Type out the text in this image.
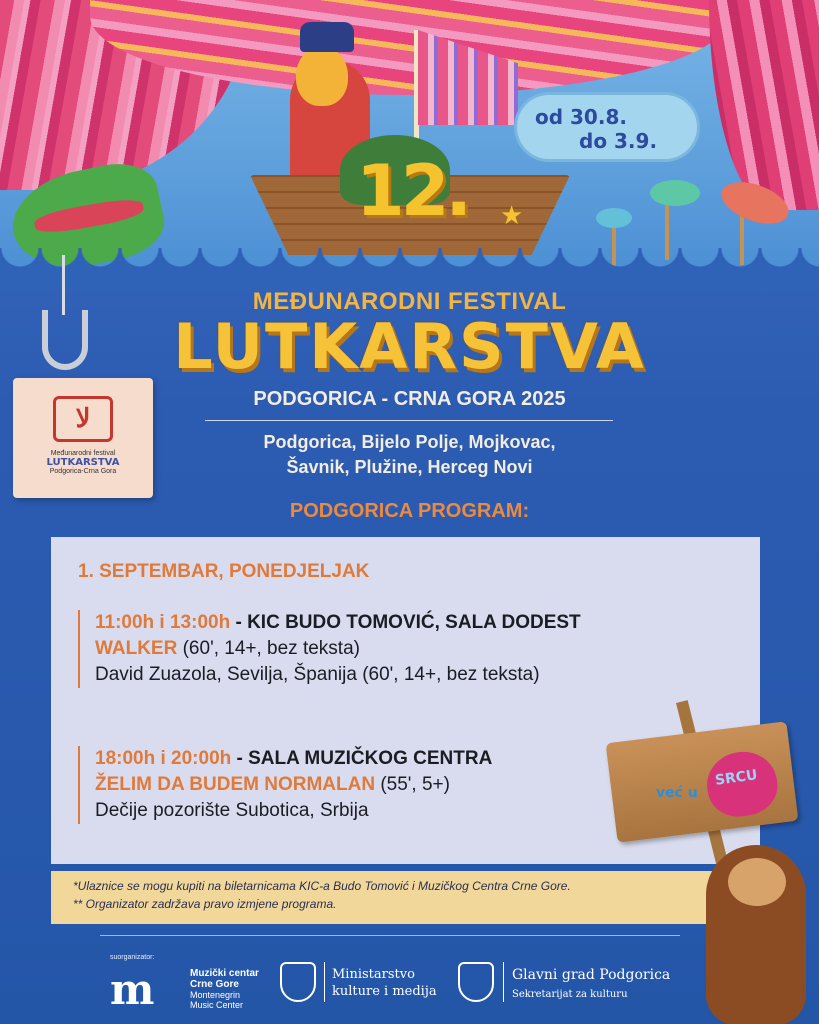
12. ★
od 30.8.
do 3.9.
ﻻ
Međunarodni festival
LUTKARSTVA
Podgorica-Crna Gora
MEĐUNARODNI FESTIVAL
LUTKARSTVA
PODGORICA - CRNA GORA 2025
Podgorica, Bijelo Polje, Mojkovac,
Šavnik, Plužine, Herceg Novi
PODGORICA PROGRAM:
1. SEPTEMBAR, PONEDJELJAK
11:00h i 13:00h - KIC BUDO TOMOVIĆ, SALA DODEST
WALKER (60', 14+, bez teksta)
David Zuazola, Sevilja, Španija (60', 14+, bez teksta)
18:00h i 20:00h - SALA MUZIČKOG CENTRA
ŽELIM DA BUDEM NORMALAN (55', 5+)
Dečije pozorište Subotica, Srbija
*Ulaznice se mogu kupiti na biletarnicama KIC-a Budo Tomović i Muzičkog Centra Crne Gore.
** Organizator zadržava pravo izmjene programa.
suorganizator:
m	Muzički centar
Crne Gore
Montenegrin
Music Center
Ministarstvo
kulture i medija
Glavni grad Podgorica
Sekretarijat za kulturu
već u
SRCU
